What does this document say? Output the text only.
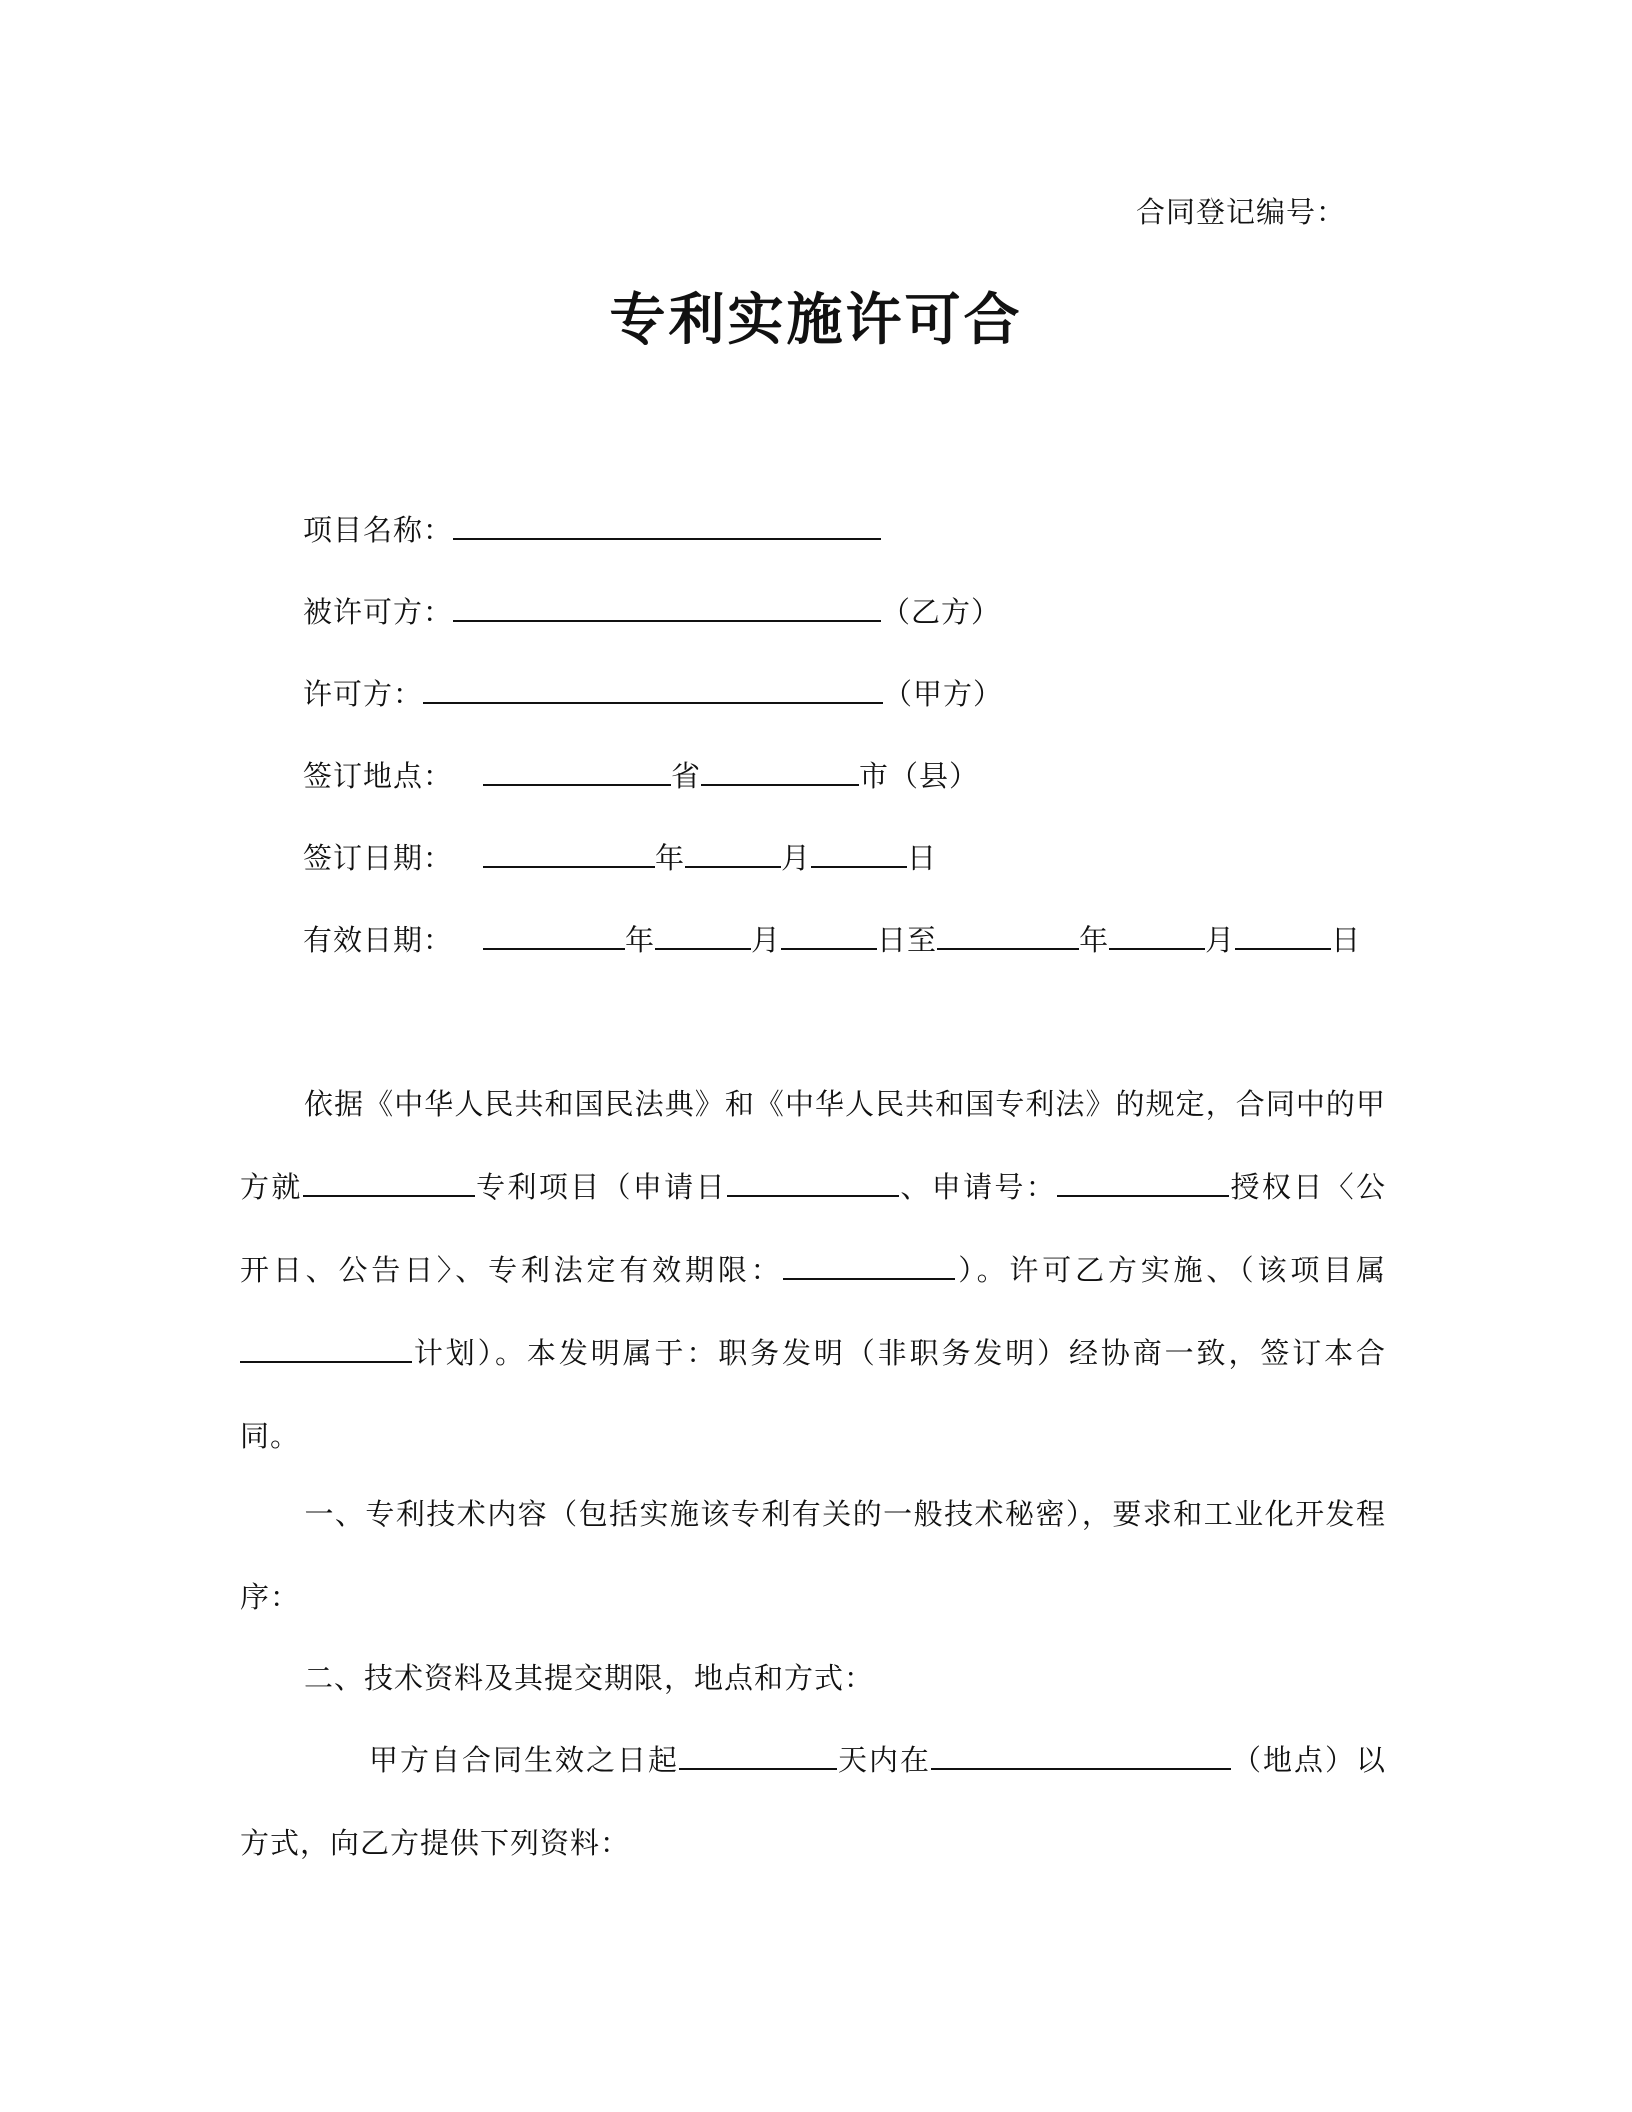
合同登记编号：
专利实施许可合
项目名称：
被许可方：	（乙方）
许可方：	（甲方）
签订地点：	省	市（县）
签订日期：	年	月	日
有效日期：	年	月	日至	年	月	日
依据《中华人民共和国民法典》和《中华人民共和国专利法》的规定，合同中的甲方就	专利项目（申请日	、申请号：	授权日〈公开日、公告日〉、专利法定有效期限：	）。许可乙方实施、（该项目属计划）。本发明属于：职务发明（非职务发明）经协商一致，签订本合同。
一、专利技术内容（包括实施该专利有关的一般技术秘密），要求和工业化开发程序：
二、技术资料及其提交期限，地点和方式：
甲方自合同生效之日起	天内在	（地点）以方式，向乙方提供下列资料：
